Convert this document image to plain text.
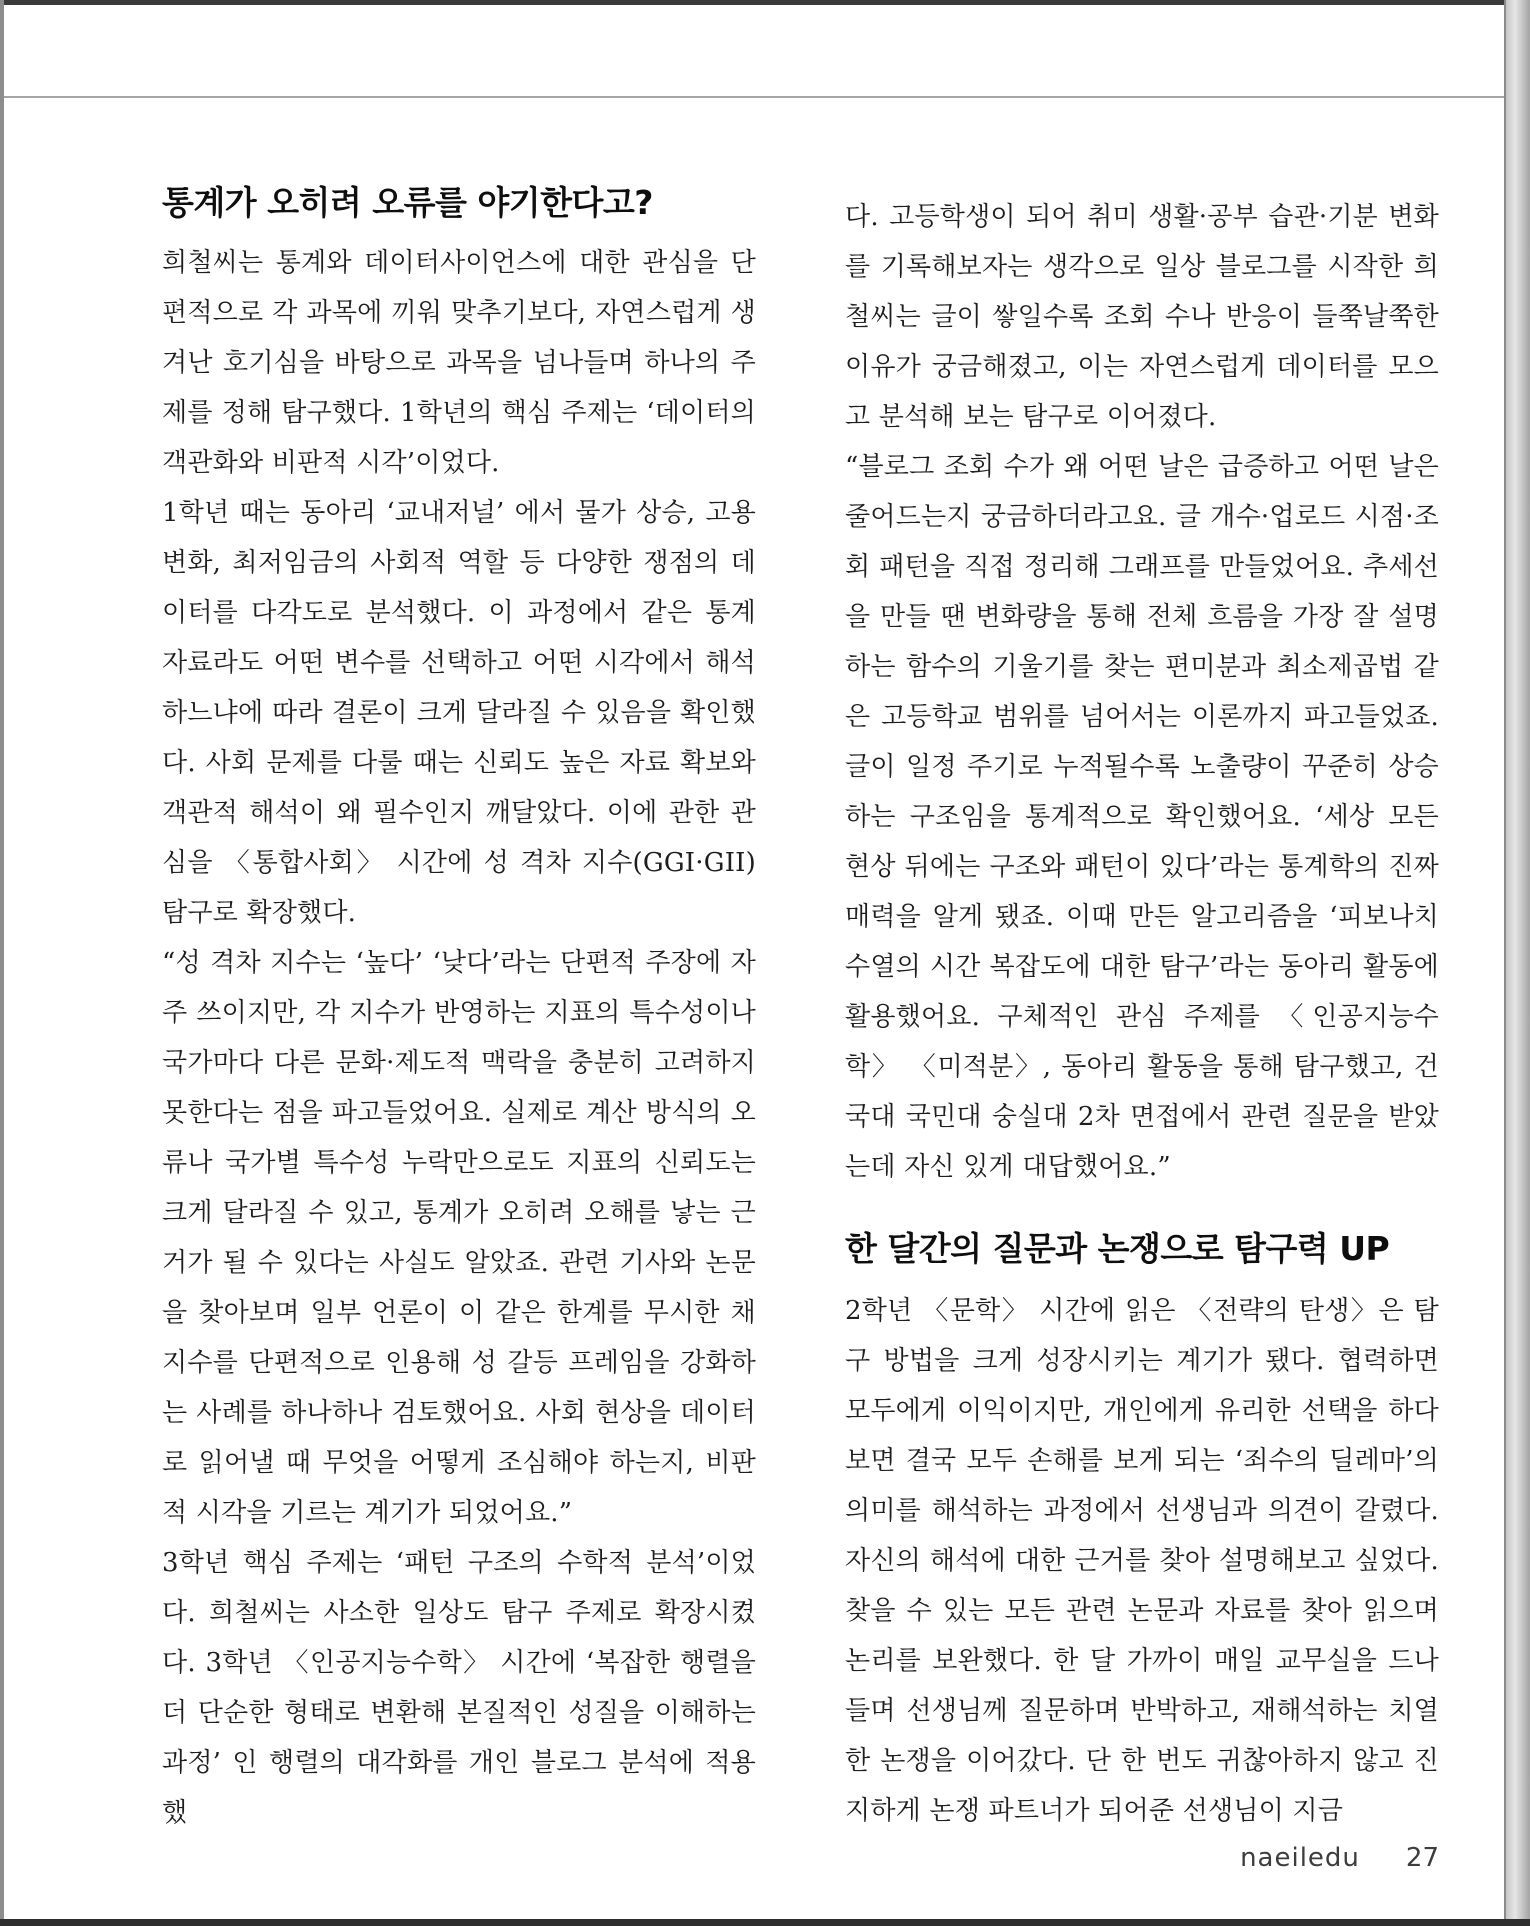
통계가 오히려 오류를 야기한다고?

희철씨는 통계와 데이터사이언스에 대한 관심을 단편적으로 각 과목에 끼워 맞추기보다, 자연스럽게 생겨난 호기심을 바탕으로 과목을 넘나들며 하나의 주제를 정해 탐구했다. 1학년의 핵심 주제는 ‘데이터의 객관화와 비판적 시각’이었다.

1학년 때는 동아리 ‘교내저널’ 에서 물가 상승, 고용 변화, 최저임금의 사회적 역할 등 다양한 쟁점의 데이터를 다각도로 분석했다. 이 과정에서 같은 통계 자료라도 어떤 변수를 선택하고 어떤 시각에서 해석하느냐에 따라 결론이 크게 달라질 수 있음을 확인했다. 사회 문제를 다룰 때는 신뢰도 높은 자료 확보와 객관적 해석이 왜 필수인지 깨달았다. 이에 관한 관심을 〈통합사회〉 시간에 성 격차 지수(GGI·GII) 탐구로 확장했다.

“성 격차 지수는 ‘높다’ ‘낮다’라는 단편적 주장에 자주 쓰이지만, 각 지수가 반영하는 지표의 특수성이나 국가마다 다른 문화·제도적 맥락을 충분히 고려하지 못한다는 점을 파고들었어요. 실제로 계산 방식의 오류나 국가별 특수성 누락만으로도 지표의 신뢰도는 크게 달라질 수 있고, 통계가 오히려 오해를 낳는 근거가 될 수 있다는 사실도 알았죠. 관련 기사와 논문을 찾아보며 일부 언론이 이 같은 한계를 무시한 채 지수를 단편적으로 인용해 성 갈등 프레임을 강화하는 사례를 하나하나 검토했어요. 사회 현상을 데이터로 읽어낼 때 무엇을 어떻게 조심해야 하는지, 비판적 시각을 기르는 계기가 되었어요.”

3학년 핵심 주제는 ‘패턴 구조의 수학적 분석’이었다. 희철씨는 사소한 일상도 탐구 주제로 확장시켰다. 3학년 〈인공지능수학〉 시간에 ‘복잡한 행렬을 더 단순한 형태로 변환해 본질적인 성질을 이해하는 과정’ 인 행렬의 대각화를 개인 블로그 분석에 적용했

다. 고등학생이 되어 취미 생활·공부 습관·기분 변화를 기록해보자는 생각으로 일상 블로그를 시작한 희철씨는 글이 쌓일수록 조회 수나 반응이 들쭉날쭉한 이유가 궁금해졌고, 이는 자연스럽게 데이터를 모으고 분석해 보는 탐구로 이어졌다.

“블로그 조회 수가 왜 어떤 날은 급증하고 어떤 날은 줄어드는지 궁금하더라고요. 글 개수·업로드 시점·조회 패턴을 직접 정리해 그래프를 만들었어요. 추세선을 만들 땐 변화량을 통해 전체 흐름을 가장 잘 설명하는 함수의 기울기를 찾는 편미분과 최소제곱법 같은 고등학교 범위를 넘어서는 이론까지 파고들었죠. 글이 일정 주기로 누적될수록 노출량이 꾸준히 상승하는 구조임을 통계적으로 확인했어요. ‘세상 모든 현상 뒤에는 구조와 패턴이 있다’라는 통계학의 진짜 매력을 알게 됐죠. 이때 만든 알고리즘을 ‘피보나치 수열의 시간 복잡도에 대한 탐구’라는 동아리 활동에 활용했어요. 구체적인 관심 주제를 〈인공지능수학〉 〈미적분〉, 동아리 활동을 통해 탐구했고, 건국대 국민대 숭실대 2차 면접에서 관련 질문을 받았는데 자신 있게 대답했어요.”

한 달간의 질문과 논쟁으로 탐구력 UP

2학년 〈문학〉 시간에 읽은 〈전략의 탄생〉은 탐구 방법을 크게 성장시키는 계기가 됐다. 협력하면 모두에게 이익이지만, 개인에게 유리한 선택을 하다 보면 결국 모두 손해를 보게 되는 ‘죄수의 딜레마’의 의미를 해석하는 과정에서 선생님과 의견이 갈렸다. 자신의 해석에 대한 근거를 찾아 설명해보고 싶었다. 찾을 수 있는 모든 관련 논문과 자료를 찾아 읽으며 논리를 보완했다. 한 달 가까이 매일 교무실을 드나들며 선생님께 질문하며 반박하고, 재해석하는 치열한 논쟁을 이어갔다. 단 한 번도 귀찮아하지 않고 진지하게 논쟁 파트너가 되어준 선생님이 지금

naeiledu 27
